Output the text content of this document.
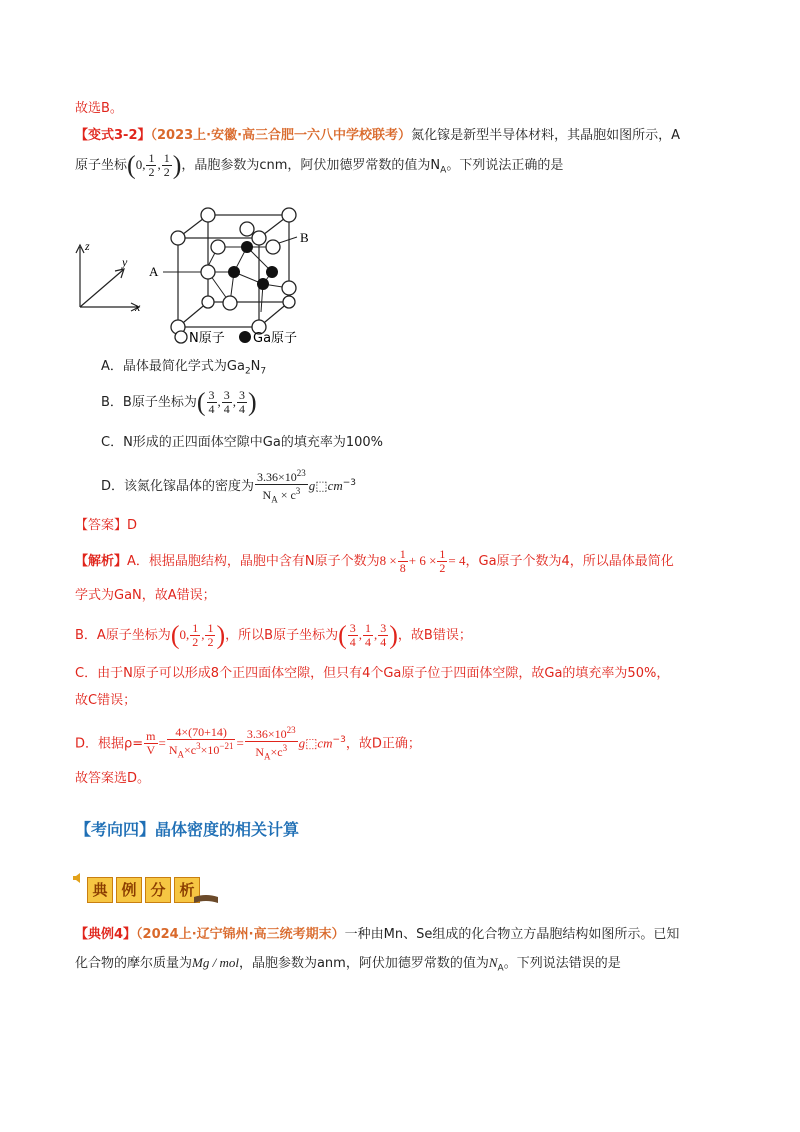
故选B。
【变式3-2】（2023上·安徽·高三合肥一六八中学校联考）氮化镓是新型半导体材料，其晶胞如图所示，A
原子坐标(0, $\frac{1}{2}$ , $\frac{1}{2}$ )，晶胞参数为cnm，阿伏加德罗常数的值为$N_A$。下列说法正确的是
z
y
x
B
A
N原子 Ga原子
A．晶体最简化学式为$Ga_2N_7$
B．B原子坐标为( $\frac{3}{4}$ , $\frac{3}{4}$ , $\frac{3}{4}$ )
C．N形成的正四面体空隙中Ga的填充率为100%
D．该氮化镓晶体的密度为 $\frac{3.36\times 10^{23}}{N_A \times c^3}$ $g⬚cm^{-3}$
【答案】D
【解析】A．根据晶胞结构，晶胞中含有N原子个数为$8 \times \frac{1}{8} + 6 \times \frac{1}{2} = 4$，Ga原子个数为4，所以晶体最简化
学式为GaN，故A错误；
B．A原子坐标为(0, $\frac{1}{2}$ , $\frac{1}{2}$ )，所以B原子坐标为( $\frac{3}{4}$ , $\frac{1}{4}$ , $\frac{3}{4}$ )，故B错误；
C．由于N原子可以形成8个正四面体空隙，但只有4个Ga原子位于四面体空隙，故Ga的填充率为50%，
故C错误；
D．根据$\rho= \frac{m}{V} = \frac{4\times(70+14)}{N_A\times c^3\times 10^{-21}} = \frac{3.36\times 10^{23}}{N_A\times c^3}$ $g⬚cm^{-3}$，故D正确；
故答案选D。
【考向四】晶体密度的相关计算
典 例 分 析
【典例4】（2024上·辽宁锦州·高三统考期末）一种由Mn、Se组成的化合物立方晶胞结构如图所示。已知
化合物的摩尔质量为Mg / mol，晶胞参数为anm，阿伏加德罗常数的值为$N_A$。下列说法错误的是
